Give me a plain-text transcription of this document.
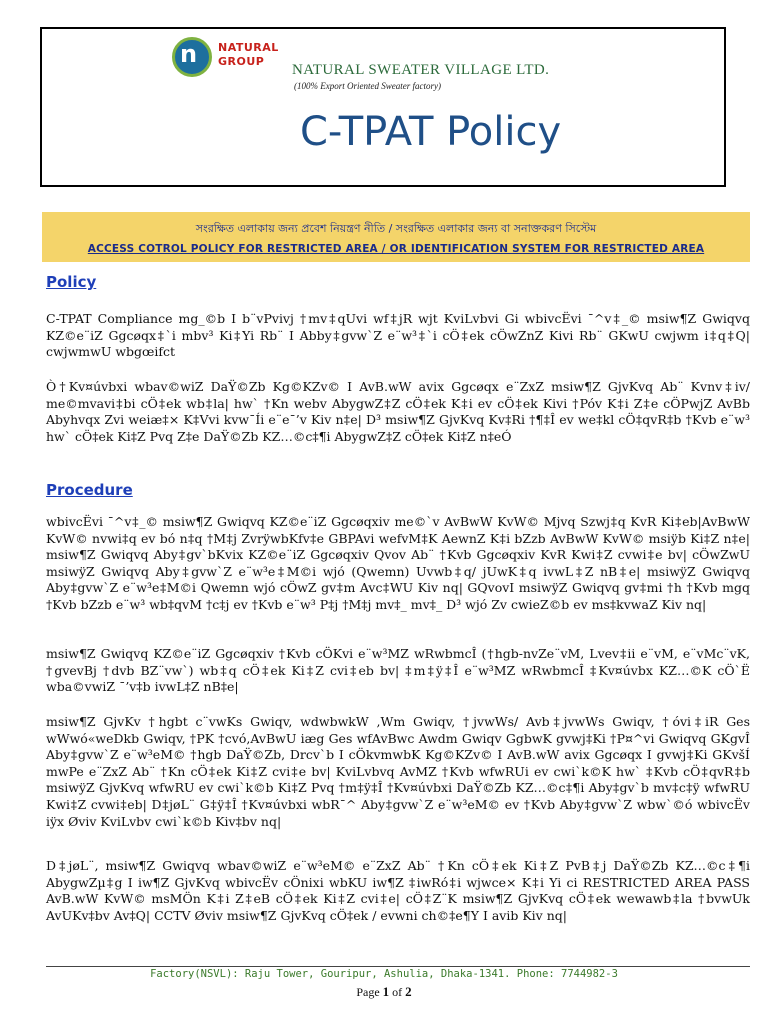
n NATURAL
GROUP
NATURAL SWEATER VILLAGE LTD.
(100% Export Oriented Sweater factory)
C-TPAT Policy
সংরক্ষিত এলাকায় জন্য প্রবেশ নিয়ন্ত্রণ নীতি / সংরক্ষিত এলাকার জন্য বা সনাক্তকরণ সিস্টেম
ACCESS COTROL POLICY FOR RESTRICTED AREA / OR IDENTIFICATION SYSTEM FOR RESTRICTED AREA
Policy
C-TPAT Compliance mg_©b I b¨vPvivj †mv‡qUvi wf‡jR wjt KviLvbvi Gi wbivcËvi ¯^v‡_© msiw¶Z Gwiqvq KZ©e¨iZ Ggcøqx‡`i mbv³ Ki‡Yi Rb¨ I Abby‡gvw`Z e¨w³‡`i cÖ‡ek cÖwZnZ Kivi Rb¨ GKwU cwjwm i‡q‡Q| cwjwmwU wbgœifct
Ò†Kv¤úvbxi wbav©wiZ DaŸ©Zb Kg©KZv© I AvB.wW avix Ggcøqx e¨ZxZ msiw¶Z GjvKvq Ab¨ Kvnv‡iv/ me©mvavi‡bi cÖ‡ek wb‡la| hw` †Kn webv AbygwZ‡Z cÖ‡ek K‡i ev cÖ‡ek Kivi †Póv K‡i Z‡e cÖPwjZ AvBb Abyhvqx Zvi weiæ‡× K‡Vvi kvw¯Íi e¨e¯’v Kiv n‡e| D³ msiw¶Z GjvKvq Kv‡Ri †¶‡Î ev we‡kl cÖ‡qvR‡b †Kvb e¨w³ hw` cÖ‡ek Ki‡Z Pvq Z‡e DaŸ©Zb KZ…©c‡¶i AbygwZ‡Z cÖ‡ek Ki‡Z n‡eÓ
Procedure
wbivcËvi ¯^v‡_© msiw¶Z Gwiqvq KZ©e¨iZ Ggcøqxiv me©`v AvBwW KvW© Mjvq Szwj‡q KvR Ki‡eb|AvBwW KvW© nvwi‡q ev bó n‡q †M‡j ZvrÿwbKfv‡e GBPAvi wefvM‡K AewnZ K‡i bZzb AvBwW KvW© msiÿb Ki‡Z n‡e| msiw¶Z Gwiqvq Aby‡gv`bKvix KZ©e¨iZ Ggcøqxiv Qvov Ab¨ †Kvb Ggcøqxiv KvR Kwi‡Z cvwi‡e bv| cÖwZwU msiwÿZ Gwiqvq Aby‡gvw`Z e¨w³e‡M©i wjó (Qwemn) Uvwb‡q/ jUwK‡q ivwL‡Z nB‡e| msiwÿZ Gwiqvq Aby‡gvw`Z e¨w³e‡M©i Qwemn wjó cÖwZ gv‡m Avc‡WU Kiv nq| GQvovI msiwÿZ Gwiqvq gv‡mi †h †Kvb mgq †Kvb bZzb e¨w³ wb‡qvM †c‡j ev †Kvb e¨w³ P‡j †M‡j mv‡_ mv‡_ D³ wjó Zv cwieZ©b ev ms‡kvwaZ Kiv nq|
msiw¶Z Gwiqvq KZ©e¨iZ Ggcøqxiv †Kvb cÖKvi e¨w³MZ wRwbmcÎ (†hgb-nvZe¨vM, Lvev‡ii e¨vM, e¨vMc¨vK, †gvevBj †dvb BZ¨vw`) wb‡q cÖ‡ek Ki‡Z cvi‡eb bv| ‡m‡ÿ‡Î e¨w³MZ wRwbmcÎ ‡Kv¤úvbx KZ…©K cÖ`Ë wba©vwiZ ¯’v‡b ivwL‡Z nB‡e|
msiw¶Z GjvKv †hgbt c¨vwKs Gwiqv, wdwbwkW ,Wm Gwiqv, †jvwWs/ Avb‡jvwWs Gwiqv, †óvi‡iR Ges wWwó«weDkb Gwiqv, †PK †cvó,AvBwU iæg Ges wfAvBwc Awdm Gwiqv GgbwK gvwj‡Ki †P¤^vi Gwiqvq GKgvÎ Aby‡gvw`Z e¨w³eM© †hgb DaŸ©Zb, Drcv`b I cÖkvmwbK Kg©KZv© I AvB.wW avix Ggcøqx I gvwj‡Ki GKvšÍ mwPe e¨ZxZ Ab¨ †Kn cÖ‡ek Ki‡Z cvi‡e bv| KviLvbvq AvMZ †Kvb wfwRUi ev cwi`k©K hw` ‡Kvb cÖ‡qvR‡b msiwÿZ GjvKvq wfwRU ev cwi`k©b Ki‡Z Pvq †m‡ÿ‡Î †Kv¤úvbxi DaŸ©Zb KZ…©c‡¶i Aby‡gv`b mv‡c‡ÿ wfwRU Kwi‡Z cvwi‡eb| D‡jøL¨ G‡ÿ‡Î †Kv¤úvbxi wbR¯^ Aby‡gvw`Z e¨w³eM© ev †Kvb Aby‡gvw`Z wbw`©ó wbivcËv iÿx Øviv KviLvbv cwi`k©b Kiv‡bv nq|
D‡jøL¨, msiw¶Z Gwiqvq wbav©wiZ e¨w³eM© e¨ZxZ Ab¨ †Kn cÖ‡ek Ki‡Z PvB‡j DaŸ©Zb KZ…©c‡¶i AbygwZµ‡g I iw¶Z GjvKvq wbivcËv cÖnixi wbKU iw¶Z ‡iwRó‡i wjwce× K‡i Yi ci RESTRICTED AREA PASS AvB.wW KvW© msMÖn K‡i Z‡eB cÖ‡ek Ki‡Z cvi‡e| cÖ‡Z¨K msiw¶Z GjvKvq cÖ‡ek wewawb‡la †bvwUk AvUKv‡bv Av‡Q| CCTV Øviv msiw¶Z GjvKvq cÖ‡ek / evwni ch©‡e¶Y I avib Kiv nq|
Factory(NSVL): Raju Tower, Gouripur, Ashulia, Dhaka-1341. Phone: 7744982-3
Page 1 of 2
